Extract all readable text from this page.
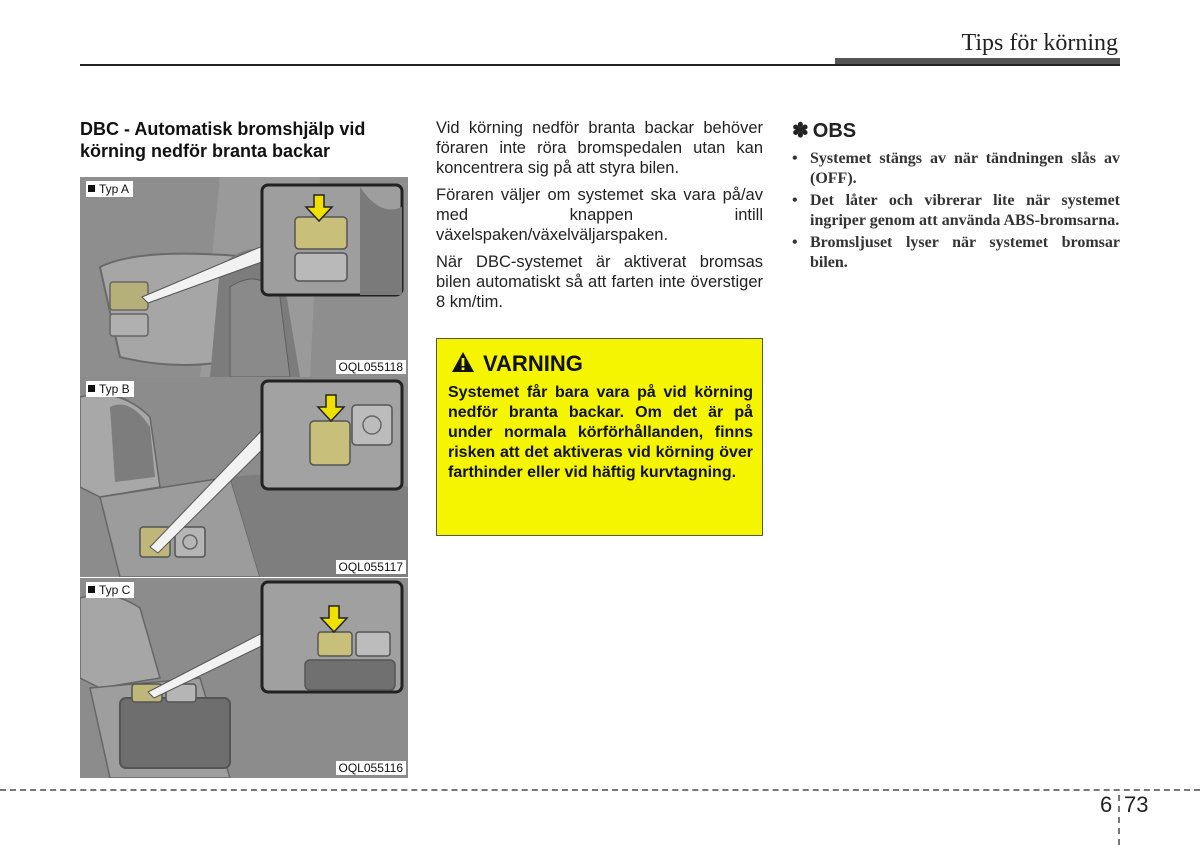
Tips för körning
DBC - Automatisk bromshjälp vid körning nedför branta backar
Typ A
OQL055118
Typ B
OQL055117
Typ C
OQL055116

Vid körning nedför branta backar behöver föraren inte röra bromspedalen utan kan koncentrera sig på att styra bilen.

Föraren väljer om systemet ska vara på/av med knappen intill växelspaken/växelväljarspaken.

När DBC-systemet är aktiverat bromsas bilen automatiskt så att farten inte överstiger 8 km/tim.

VARNING
Systemet får bara vara på vid körning nedför branta backar. Om det är på under normala körförhållanden, finns risken att det aktiveras vid körning över farthinder eller vid häftig kurvtagning.
✽ OBS
• Systemet stängs av när tändningen slås av (OFF).
• Det låter och vibrerar lite när systemet ingriper genom att använda ABS-bromsarna.
• Bromsljuset lyser när systemet bromsar bilen.
6 73
